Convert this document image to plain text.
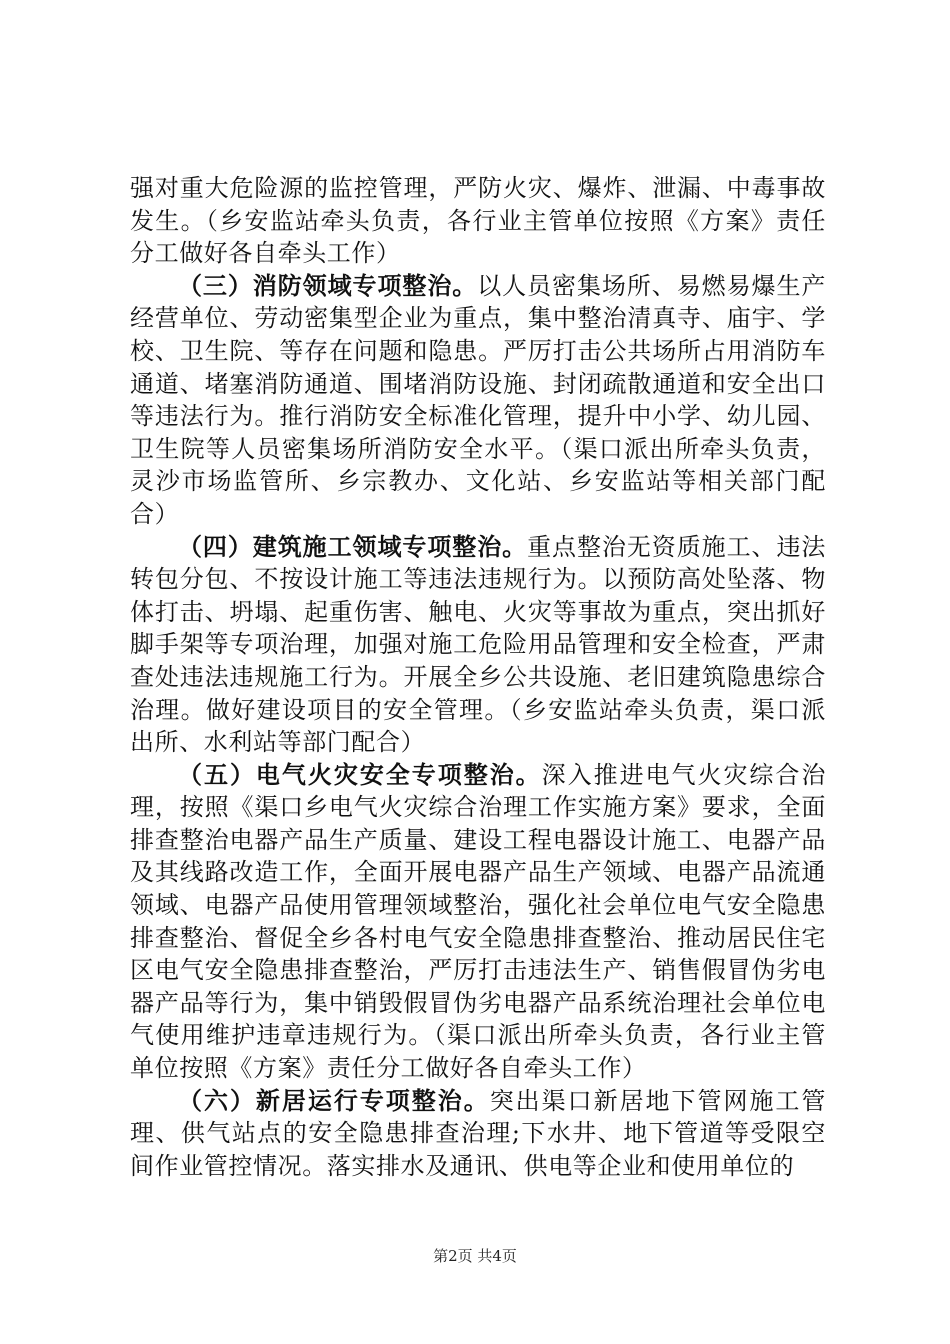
强对重大危险源的监控管理，严防火灾、爆炸、泄漏、中毒事故发生。（乡安监站牵头负责，各行业主管单位按照《方案》责任分工做好各自牵头工作）

（三）消防领域专项整治。以人员密集场所、易燃易爆生产经营单位、劳动密集型企业为重点，集中整治清真寺、庙宇、学校、卫生院、等存在问题和隐患。严厉打击公共场所占用消防车通道、堵塞消防通道、围堵消防设施、封闭疏散通道和安全出口等违法行为。推行消防安全标准化管理，提升中小学、幼儿园、卫生院等人员密集场所消防安全水平。（渠口派出所牵头负责，灵沙市场监管所、乡宗教办、文化站、乡安监站等相关部门配合）

（四）建筑施工领域专项整治。重点整治无资质施工、违法转包分包、不按设计施工等违法违规行为。以预防高处坠落、物体打击、坍塌、起重伤害、触电、火灾等事故为重点，突出抓好脚手架等专项治理，加强对施工危险用品管理和安全检查，严肃查处违法违规施工行为。开展全乡公共设施、老旧建筑隐患综合治理。做好建设项目的安全管理。（乡安监站牵头负责，渠口派出所、水利站等部门配合）

（五）电气火灾安全专项整治。深入推进电气火灾综合治理，按照《渠口乡电气火灾综合治理工作实施方案》要求，全面排查整治电器产品生产质量、建设工程电器设计施工、电器产品及其线路改造工作，全面开展电器产品生产领域、电器产品流通领域、电器产品使用管理领域整治，强化社会单位电气安全隐患排查整治、督促全乡各村电气安全隐患排查整治、推动居民住宅区电气安全隐患排查整治，严厉打击违法生产、销售假冒伪劣电器产品等行为，集中销毁假冒伪劣电器产品系统治理社会单位电气使用维护违章违规行为。（渠口派出所牵头负责，各行业主管单位按照《方案》责任分工做好各自牵头工作）

（六）新居运行专项整治。突出渠口新居地下管网施工管理、供气站点的安全隐患排查治理;下水井、地下管道等受限空间作业管控情况。落实排水及通讯、供电等企业和使用单位的

第2页 共4页
